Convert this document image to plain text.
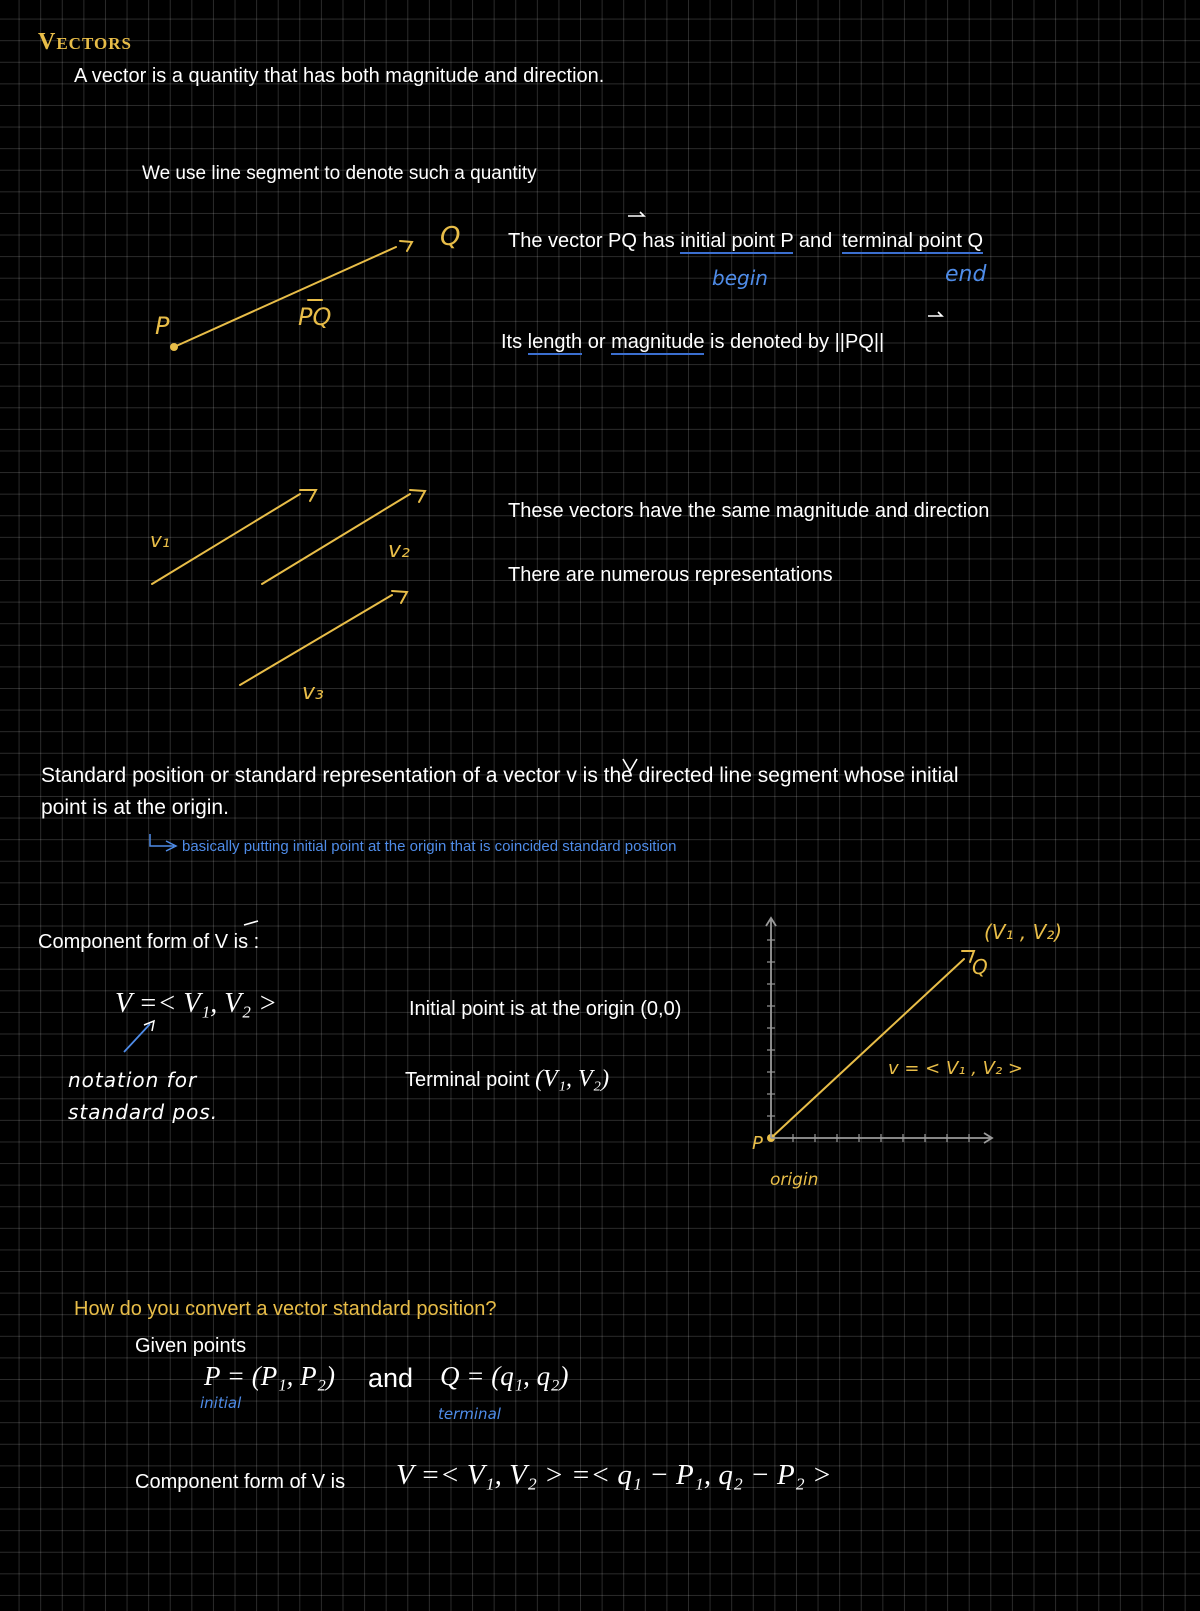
Vectors
A vector is a quantity that has both magnitude and direction.
We use line segment to denote such a quantity
P
Q
PQ
The vector PQ has initial point P and terminal point Q
begin	end
Its length or magnitude is denoted by ||PQ||
v₁	v₂
v₃
These vectors have the same magnitude and direction
There are numerous representations
Standard position or standard representation of a vector v is the directed line segment whose initial
point is at the origin.
basically putting initial point at the origin that is coincided standard position
Component form of V is :
V =< V₁, V₂ >
notation for
standard pos.
Initial point is at the origin (0,0)
Terminal point (V₁, V₂)
(V₁ , V₂)
Q
P
origin
v = < V₁ , V₂ >
How do you convert a vector standard position?
Given points
P = (P₁, P₂) and Q = (q₁, q₂)
initial
terminal
Component form of V is V =< V₁, V₂ > =< q₁ − P₁, q₂ − P₂ >
